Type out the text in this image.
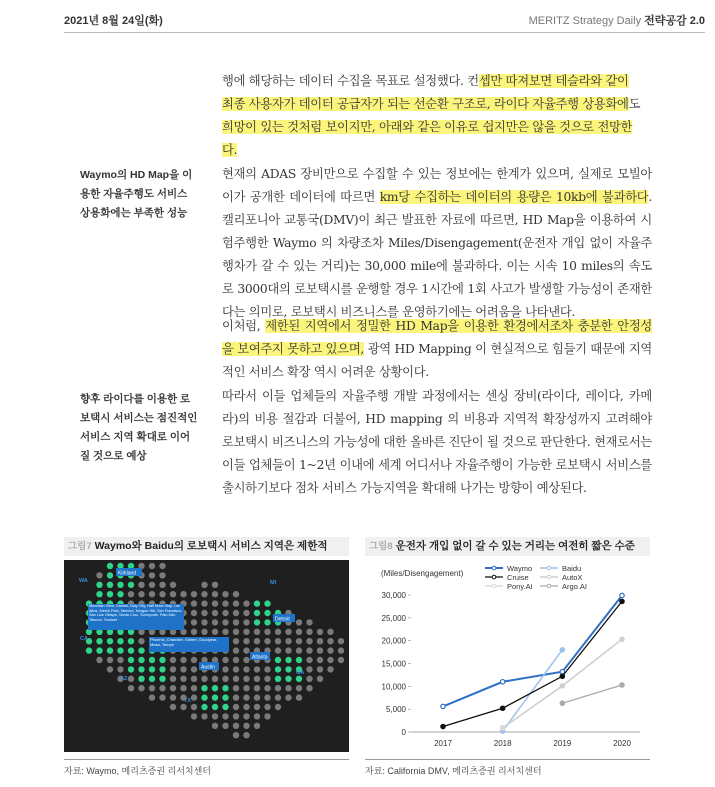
2021년 8월 24일(화)	MERITZ Strategy Daily 전략공감 2.0

행에 해당하는 데이터 수집을 목표로 설정했다. 컨셉만 따져보면 테슬라와 같이
최종 사용자가 데이터 공급자가 되는 선순환 구조로, 라이다 자율주행 상용화에도
희망이 있는 것처럼 보이지만, 아래와 같은 이유로 쉽지만은 않을 것으로 전망한
다.

Waymo의 HD Map을 이용한 자율주행도 서비스 상용화에는 부족한 성능

현재의 ADAS 장비만으로 수집할 수 있는 정보에는 한계가 있으며, 실제로 모빌아이가 공개한 데이터에 따르면 km당 수집하는 데이터의 용량은 10kb에 불과하다. 캘리포니아 교통국(DMV)이 최근 발표한 자료에 따르면, HD Map을 이용하여 시험주행한 Waymo 의 차량조차 Miles/Disengagement(운전자 개입 없이 자율주행차가 갈 수 있는 거리)는 30,000 mile에 불과하다. 이는 시속 10 miles의 속도로 3000대의 로보택시를 운행할 경우 1시간에 1회 사고가 발생할 가능성이 존재한다는 의미로, 로보택시 비즈니스를 운영하기에는 어려움을 나타낸다.

이처럼, 제한된 지역에서 정밀한 HD Map을 이용한 환경에서조차 충분한 안정성을 보여주지 못하고 있으며, 광역 HD Mapping 이 현실적으로 힘들기 때문에 지역적인 서비스 확장 역시 어려운 상황이다.

향후 라이다를 이용한 로보택시 서비스는 점진적인 서비스 지역 확대로 이어질 것으로 예상

따라서 이들 업체들의 자율주행 개발 과정에서는 센싱 장비(라이다, 레이다, 카메라)의 비용 절감과 더불어, HD mapping 의 비용과 지역적 확장성까지 고려해야 로보택시 비즈니스의 가능성에 대한 올바른 진단이 될 것으로 판단한다. 현재로서는 이들 업체들이 1~2년 이내에 세계 어디서나 자율주행이 가능한 로보택시 서비스를 출시하기보다 점차 서비스 가능지역을 확대해 나가는 방향이 예상된다.

그림7 Waymo와 Baidu의 로보택시 서비스 지역은 제한적
Kirkland
Mountain View, Carmel, Daly City, Half Moon Bay, Los Altos, Menlo Park, Merced, Morgan Hill, San Francisco, San Luis Obispo, Santa Cruz, Sunnyvale, Palo Alto, Tiburon, Truckee	Detroit
Phoenix, Chandler, Gilbert, Goodyear, Mesa, Tempe
Atlanta
Austin
WA	MI
CA
AZ
TX
GA
자료: Waymo, 메리츠증권 리서치센터
그림8 운전자 개입 없이 갈 수 있는 거리는 여전히 짧은 수준
(Miles/Disengagement)
Waymo	Baidu
Cruise	AutoX
Pony.AI	Argo.AI
0
5,000
10,000
15,000
20,000
25,000
30,000
2017	2018	2019	2020
자료: California DMV, 메리츠증권 리서치센터
